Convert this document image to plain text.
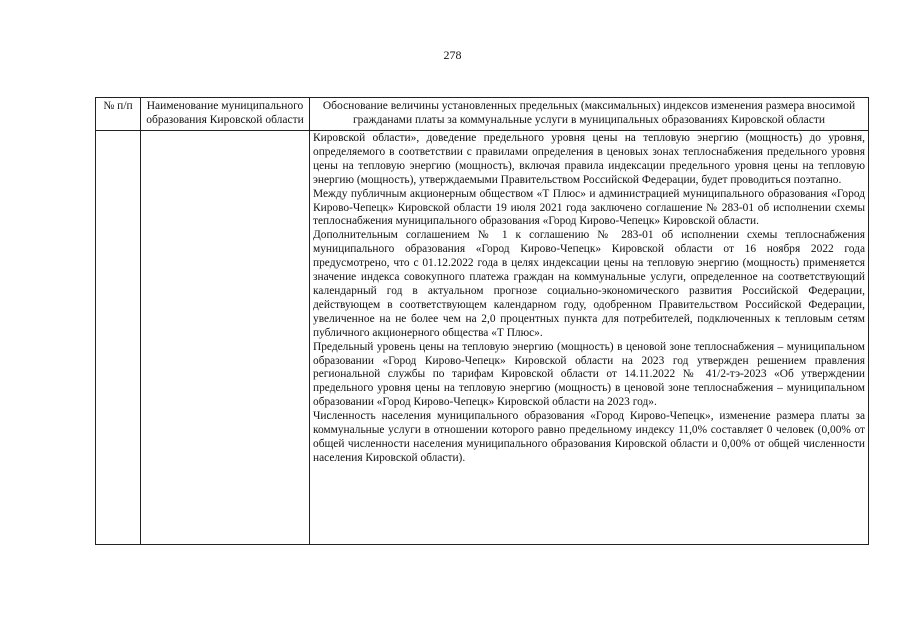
278
№ п/п	Наименование муниципального образования Кировской области	Обоснование величины установленных предельных (максимальных) индексов изменения размера вносимой гражданами платы за коммунальные услуги в муниципальных образованиях Кировской области

		Кировской области», доведение предельного уровня цены на тепловую энергию (мощность) до уровня, определяемого в соответствии с правилами определения в ценовых зонах теплоснабжения предельного уровня цены на тепловую энергию (мощность), включая правила индексации предельного уровня цены на тепловую энергию (мощность), утверждаемыми Правительством Российской Федерации, будет проводиться поэтапно.

Между публичным акционерным обществом «Т Плюс» и администрацией муниципального образования «Город Кирово-Чепецк» Кировской области 19 июля 2021 года заключено соглашение № 283-01 об исполнении схемы теплоснабжения муниципального образования «Город Кирово-Чепецк» Кировской области.

Дополнительным соглашением № 1 к соглашению № 283-01 об исполнении схемы теплоснабжения муниципального образования «Город Кирово-Чепецк» Кировской области от 16 ноября 2022 года предусмотрено, что с 01.12.2022 года в целях индексации цены на тепловую энергию (мощность) применяется значение индекса совокупного платежа граждан на коммунальные услуги, определенное на соответствующий календарный год в актуальном прогнозе социально-экономического развития Российской Федерации, действующем в соответствующем календарном году, одобренном Правительством Российской Федерации, увеличенное на не более чем на 2,0 процентных пункта для потребителей, подключенных к тепловым сетям публичного акционерного общества «Т Плюс».

Предельный уровень цены на тепловую энергию (мощность) в ценовой зоне теплоснабжения – муниципальном образовании «Город Кирово-Чепецк» Кировской области на 2023 год утвержден решением правления региональной службы по тарифам Кировской области от 14.11.2022 № 41/2-тэ-2023 «Об утверждении предельного уровня цены на тепловую энергию (мощность) в ценовой зоне теплоснабжения – муниципальном образовании «Город Кирово-Чепецк» Кировской области на 2023 год».

Численность населения муниципального образования «Город Кирово-Чепецк», изменение размера платы за коммунальные услуги в отношении которого равно предельному индексу 11,0% составляет 0 человек (0,00% от общей численности населения муниципального образования Кировской области и 0,00% от общей численности населения Кировской области).
